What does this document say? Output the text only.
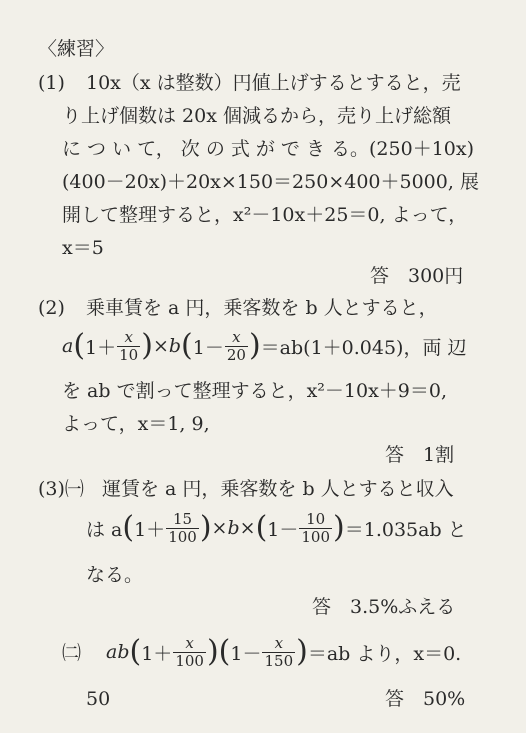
〈練習〉
(1) 10x（x は整数）円値上げするとすると，売
り上げ個数は 20x 個減るから，売り上げ総額
に つ い て， 次 の 式 が で き る。(250＋10x)
(400－20x)＋20x×150＝250×400＋5000, 展
開して整理すると，x²－10x＋25＝0, よって，
x＝5
答　300円
(2) 乗車賃を a 円，乗客数を b 人とすると，
a ( $1+ \frac{x}{10}$ ) ×b ( $1- \frac{x}{20}$ ) ＝ab(1＋0.045)，両 辺
を ab で割って整理すると，x²－10x＋9＝0,
よって，x＝1, 9,
答　1割
(3)㈠ 運賃を a 円，乗客数を b 人とすると収入
は a ( $1+ \frac{15}{100}$ ) ×b× ( $1- \frac{10}{100}$ ) ＝1.035ab と
なる。
答　3.5%ふえる
㈡ ab ( $1+ \frac{x}{100}$ ) ( $1- \frac{x}{150}$ ) ＝ab より，x＝0.
50	答　50%
